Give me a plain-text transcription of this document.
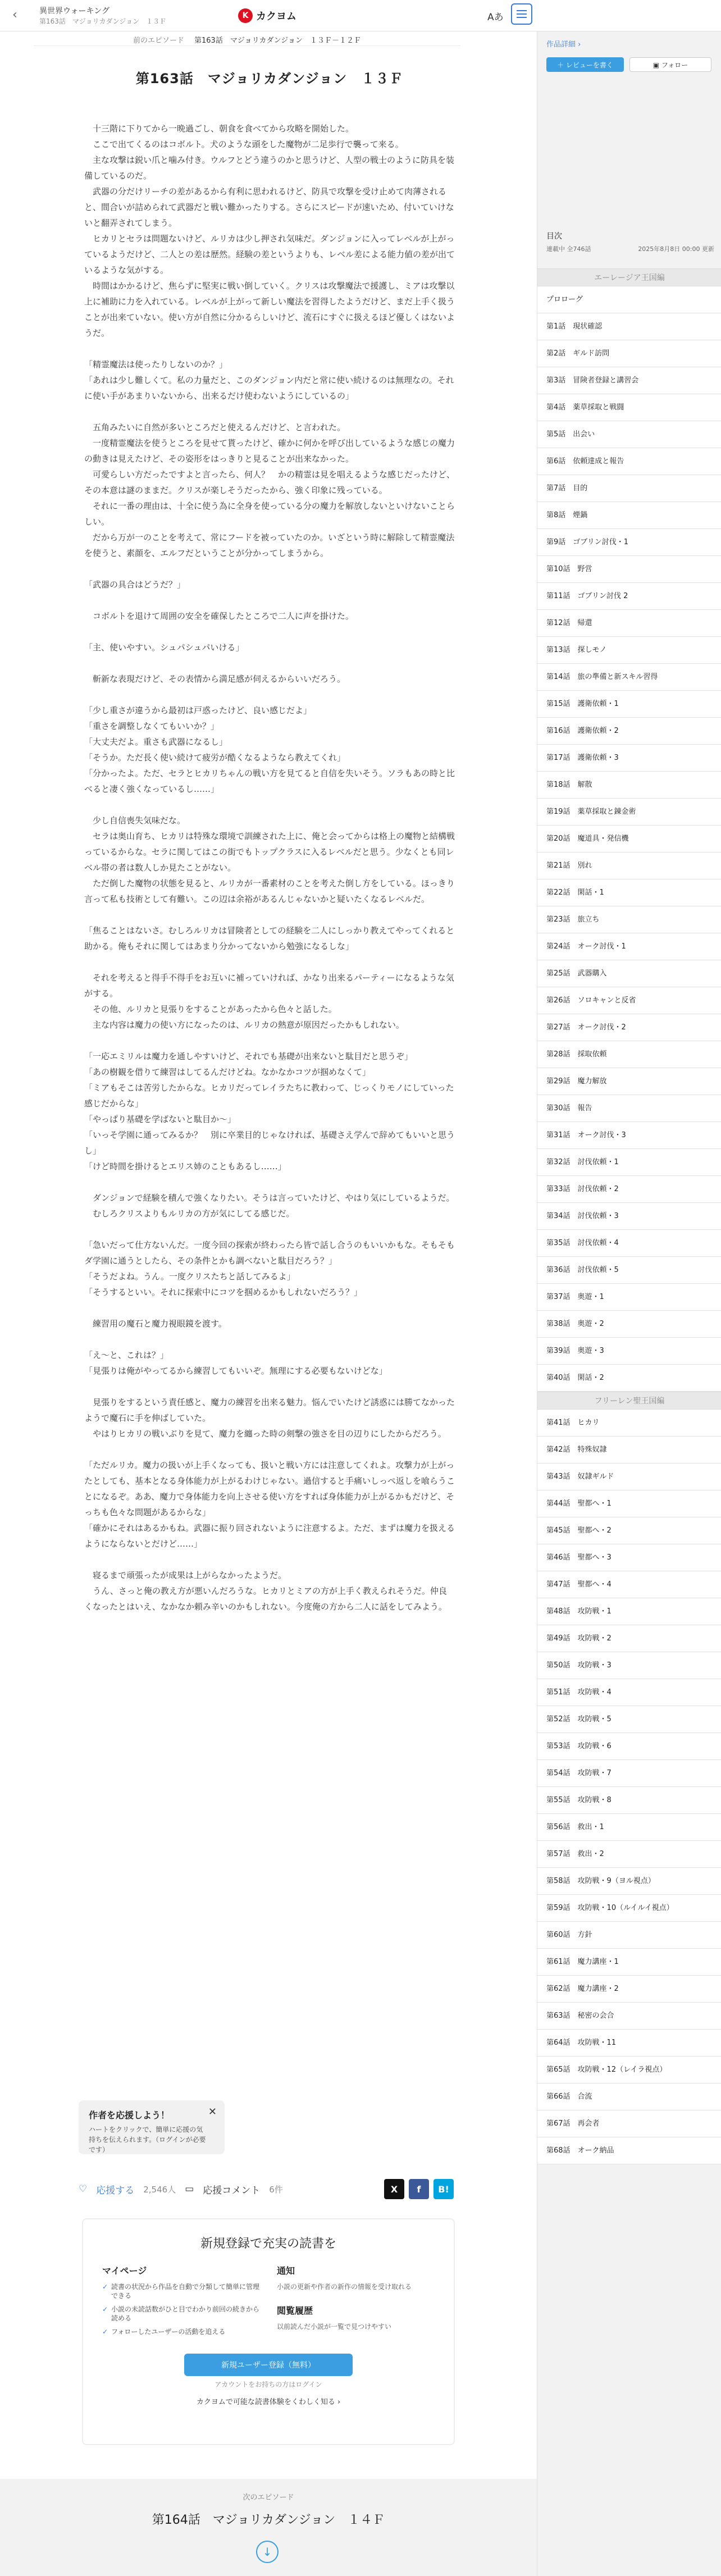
‹	異世界ウォーキング
第163話　マジョリカダンジョン　１３Ｆ
K カクヨム	Aあ
前のエピソード 第163話　マジョリカダンジョン　１３Ｆ－１２Ｆ
第163話　マジョリカダンジョン　１３Ｆ

　十三階に下りてから一晩過ごし、朝食を食べてから攻略を開始した。

　ここで出てくるのはコボルト。犬のような頭をした魔物が二足歩行で襲って来る。

　主な攻撃は鋭い爪と噛み付き。ウルフとどう違うのかと思うけど、人型の戦士のように防具を装備しているのだ。

　武器の分だけリーチの差があるから有利に思われるけど、防具で攻撃を受け止めて肉薄されると、間合いが詰められて武器だと戦い難かったりする。さらにスピードが速いため、付いていけないと翻弄されてしまう。

　ヒカリとセラは問題ないけど、ルリカは少し押され気味だ。ダンジョンに入ってレベルが上がっているようだけど、二人との差は歴然。経験の差というよりも、レベル差による能力値の差が出ているような気がする。

　時間はかかるけど、焦らずに堅実に戦い倒していく。クリスは攻撃魔法で援護し、ミアは攻撃以上に補助に力を入れている。レベルが上がって新しい魔法を習得したようだけど、まだ上手く扱うことが出来ていない。使い方が自然に分かるらしいけど、流石にすぐに扱えるほど優しくはないようだ。

「精霊魔法は使ったりしないのか？」

「あれは少し難しくて。私の力量だと、このダンジョン内だと常に使い続けるのは無理なの。それに使い手があまりいないから、出来るだけ使わないようにしているの」

　五角みたいに自然が多いところだと使えるんだけど、と言われた。

　一度精霊魔法を使うところを見せて貰ったけど、確かに何かを呼び出しているような感じの魔力の動きは見えたけど、その姿形をはっきりと見ることが出来なかった。

　可愛らしい方だったですよと言ったら、何人？　かの精霊は見を唱えるような感じだったけど、その本意は謎のままだ。クリスが楽しそうだったから、強く印象に残っている。

　それに一番の理由は、十全に使う為に全身を使っている分の魔力を解放しないといけないことらしい。

　だから万が一のことを考えて、常にフードを被っていたのか。いざという時に解除して精霊魔法を使うと、素顔を、エルフだということが分かってしまうから。

「武器の具合はどうだ？」

　コボルトを退けて周囲の安全を確保したところで二人に声を掛けた。

「主、使いやすい。シュパシュパいける」

　斬新な表現だけど、その表情から満足感が伺えるからいいだろう。

「少し重さが違うから最初は戸惑ったけど、良い感じだよ」

「重さを調整しなくてもいいか？」

「大丈夫だよ。重さも武器になるし」

「そうか。ただ長く使い続けて疲労が酷くなるようなら教えてくれ」

「分かったよ。ただ、セラとヒカリちゃんの戦い方を見てると自信を失いそう。ソラもあの時と比べると凄く強くなっているし……」

　少し自信喪失気味だな。

　セラは奥山育ち、ヒカリは特殊な環境で訓練された上に、俺と会ってからは格上の魔物と結構戦っているからな。セラに関してはこの街でもトップクラスに入るレベルだと思う。少なくとも同レベル帯の者は数人しか見たことがない。

　ただ倒した魔物の状態を見ると、ルリカが一番素材のことを考えた倒し方をしている。ほっきり言って私も技術として有難い。この辺は余裕があるんじゃないかと疑いたくなるレベルだ。

「焦ることはないさ。むしろルリカは冒険者としての経験を二人にしっかり教えてやってくれると助かる。俺もそれに関してはあまり分かってないから勉強になるしな」

　それを考えると得手不得手をお互いに補っていければ、かなり出来るパーティーになるような気がする。

　その他、ルリカと見張りをすることがあったから色々と話した。

　主な内容は魔力の使い方になったのは、ルリカの熱意が原因だったかもしれない。

「一応エミリルは魔力を通しやすいけど、それでも基礎が出来ないと駄目だと思うぞ」

「あの樹観を借りて練習はしてるんだけどね。なかなかコツが掴めなくて」

「ミアもそこは苦労したからな。ヒカリだってレイラたちに教わって、じっくりモノにしていった感じだからな」

「やっぱり基礎を学ばないと駄目か～」

「いっそ学園に通ってみるか？　別に卒業目的じゃなければ、基礎さえ学んで辞めてもいいと思うし」

「けど時間を掛けるとエリス姉のこともあるし……」

　ダンジョンで経験を積んで強くなりたい。そうは言っていたけど、やはり気にしているようだ。

　むしろクリスよりもルリカの方が気にしてる感じだ。

「急いだって仕方ないんだ。一度今回の探索が終わったら皆で話し合うのもいいかもな。そもそもダ学園に通うとしたら、その条件とかも調べないと駄目だろう？」

「そうだよね。うん。一度クリスたちと話してみるよ」

「そうするといい。それに探索中にコツを掴めるかもしれないだろう？」

　練習用の魔石と魔力視眼鏡を渡す。

「え～と、これは？」

「見張りは俺がやってるから練習してもいいぞ。無理にする必要もないけどな」

　見張りをするという責任感と、魔力の練習を出来る魅力。悩んでいたけど誘惑には勝てなかったようで魔石に手を伸ばしていた。

　やはりヒカリの戦いぶりを見て、魔力を纏った時の剣撃の強さを目の辺りにしたからだろう。

「ただルリカ。魔力の扱いが上手くなっても、扱いと戦い方には注意してくれよ。攻撃力が上がったとしても、基本となる身体能力が上がるわけじゃない。過信すると手痛いしっぺ返しを喰らうことになるぞ。ああ、魔力で身体能力を向上させる使い方をすれば身体能力が上がるかもだけど、そっちも色々な問題があるからな」

「確かにそれはあるかもね。武器に振り回されないように注意するよ。ただ、まずは魔力を扱えるようにならないとだけど……」

　寝るまで頑張ったが成果は上がらなかったようだ。

　うん、さっと俺の教え方が悪いんだろうな。ヒカリとミアの方が上手く教えられそうだ。仲良くなったとはいえ、なかなか頼み辛いのかもしれない。今度俺の方から二人に話をしてみよう。

作者を応援しよう！
ハートをクリックで、簡単に応援の気持ちを伝えられます。（ログインが必要です）
✕
♡ 応援する 2,546人 ▭ 応援コメント 6件	X	f	B!
新規登録で充実の読書を
マイページ
✓ 読書の状況から作品を自動で分類して簡単に管理できる
✓ 小説の未読話数がひと目でわかり前回の続きから読める
✓ フォローしたユーザーの活動を追える
通知
小説の更新や作者の新作の情報を受け取れる
閲覧履歴
以前読んだ小説が一覧で見つけやすい
新規ユーザー登録（無料）
アカウントをお持ちの方はログイン
カクヨムで可能な読書体験をくわしく知る ›
次のエピソード
第164話　マジョリカダンジョン　１４Ｆ
↓
作品詳細 ›
＋ レビューを書く	▣ フォロー
目次
連載中 全746話	2025年8月8日 00:00 更新
エーレージア王国編
プロローグ
第1話　現状確認
第2話　ギルド訪問
第3話　冒険者登録と講習会
第4話　薬草採取と戦闘
第5話　出会い
第6話　依頼達成と報告
第7話　目的
第8話　煙鍋
第9話　ゴブリン討伐・1
第10話　野営
第11話　ゴブリン討伐 2
第12話　帰還
第13話　探しモノ
第14話　旅の準備と新スキル習得
第15話　護衛依頼・1
第16話　護衛依頼・2
第17話　護衛依頼・3
第18話　解散
第19話　薬草採取と錬金術
第20話　魔道具・発信機
第21話　別れ
第22話　閑話・1
第23話　旅立ち
第24話　オーク討伐・1
第25話　武器購入
第26話　ソロキャンと反省
第27話　オーク討伐・2
第28話　採取依頼
第29話　魔力解放
第30話　報告
第31話　オーク討伐・3
第32話　討伐依頼・1
第33話　討伐依頼・2
第34話　討伐依頼・3
第35話　討伐依頼・4
第36話　討伐依頼・5
第37話　奥遊・1
第38話　奥遊・2
第39話　奥遊・3
第40話　閑話・2
フリーレン聖王国編
第41話　ヒカリ
第42話　特殊奴隷
第43話　奴隷ギルド
第44話　聖都へ・1
第45話　聖都へ・2
第46話　聖都へ・3
第47話　聖都へ・4
第48話　攻防戦・1
第49話　攻防戦・2
第50話　攻防戦・3
第51話　攻防戦・4
第52話　攻防戦・5
第53話　攻防戦・6
第54話　攻防戦・7
第55話　攻防戦・8
第56話　救出・1
第57話　救出・2
第58話　攻防戦・9（ヨル視点）
第59話　攻防戦・10（ルイルイ視点）
第60話　方針
第61話　魔力講座・1
第62話　魔力講座・2
第63話　秘密の会合
第64話　攻防戦・11
第65話　攻防戦・12（レイラ視点）
第66話　合流
第67話　再会者
第68話　オーク納品
